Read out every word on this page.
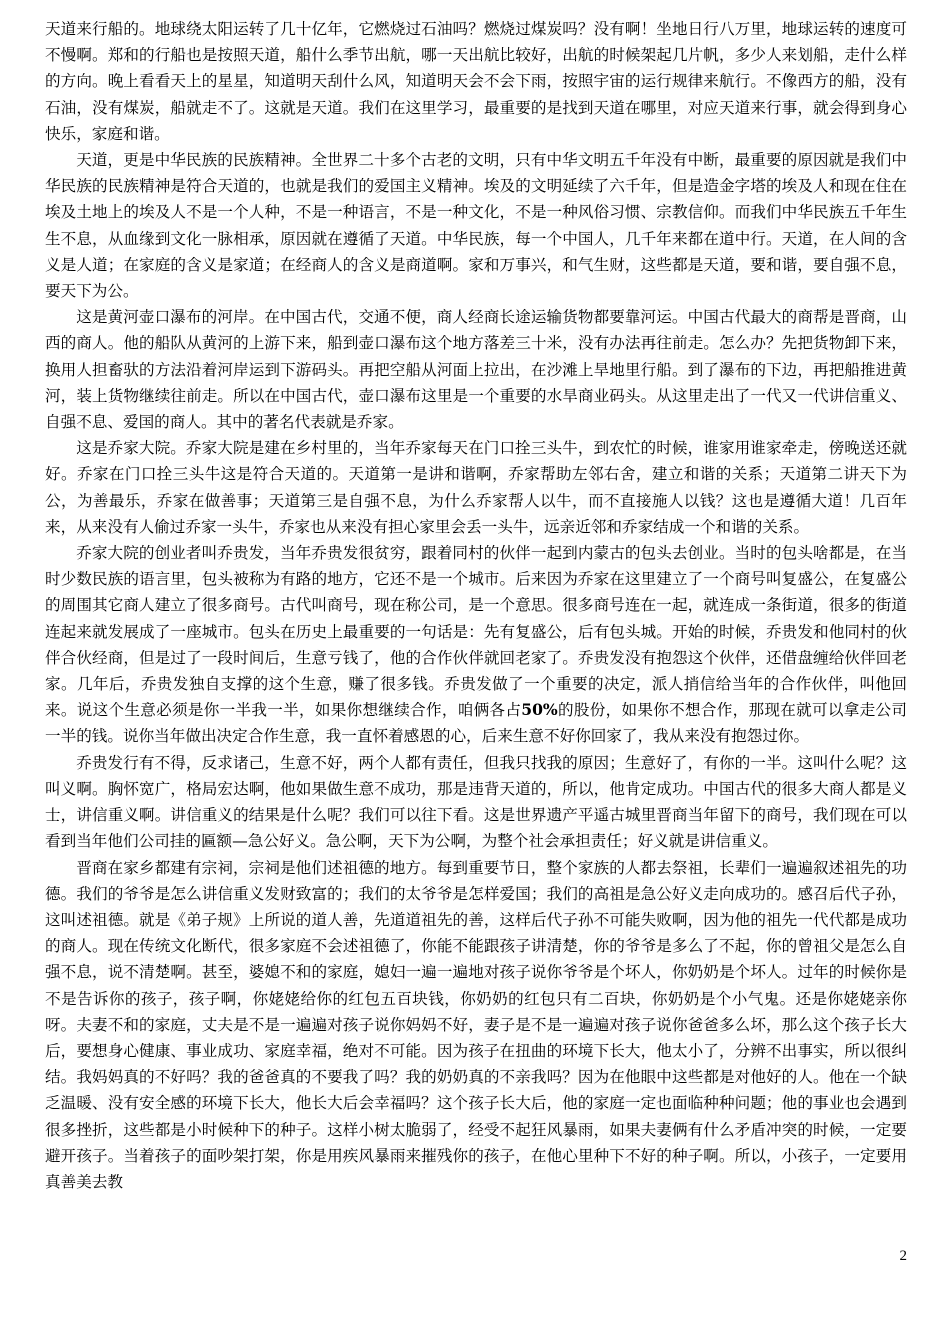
天道来行船的。地球绕太阳运转了几十亿年，它燃烧过石油吗？燃烧过煤炭吗？没有啊！坐地日行八万里，地球运转的速度可不慢啊。郑和的行船也是按照天道，船什么季节出航，哪一天出航比较好，出航的时候架起几片帆，多少人来划船，走什么样的方向。晚上看看天上的星星，知道明天刮什么风，知道明天会不会下雨，按照宇宙的运行规律来航行。不像西方的船，没有石油，没有煤炭，船就走不了。这就是天道。我们在这里学习，最重要的是找到天道在哪里，对应天道来行事，就会得到身心快乐，家庭和谐。

天道，更是中华民族的民族精神。全世界二十多个古老的文明，只有中华文明五千年没有中断，最重要的原因就是我们中华民族的民族精神是符合天道的，也就是我们的爱国主义精神。埃及的文明延续了六千年，但是造金字塔的埃及人和现在住在埃及土地上的埃及人不是一个人种，不是一种语言，不是一种文化，不是一种风俗习惯、宗教信仰。而我们中华民族五千年生生不息，从血缘到文化一脉相承，原因就在遵循了天道。中华民族，每一个中国人，几千年来都在道中行。天道，在人间的含义是人道；在家庭的含义是家道；在经商人的含义是商道啊。家和万事兴，和气生财，这些都是天道，要和谐，要自强不息，要天下为公。

这是黄河壶口瀑布的河岸。在中国古代，交通不便，商人经商长途运输货物都要靠河运。中国古代最大的商帮是晋商，山西的商人。他的船队从黄河的上游下来，船到壶口瀑布这个地方落差三十米，没有办法再往前走。怎么办？先把货物卸下来，换用人担畜驮的方法沿着河岸运到下游码头。再把空船从河面上拉出，在沙滩上旱地里行船。到了瀑布的下边，再把船推进黄河，装上货物继续往前走。所以在中国古代，壶口瀑布这里是一个重要的水旱商业码头。从这里走出了一代又一代讲信重义、自强不息、爱国的商人。其中的著名代表就是乔家。

这是乔家大院。乔家大院是建在乡村里的，当年乔家每天在门口拴三头牛，到农忙的时候，谁家用谁家牵走，傍晚送还就好。乔家在门口拴三头牛这是符合天道的。天道第一是讲和谐啊，乔家帮助左邻右舍，建立和谐的关系；天道第二讲天下为公，为善最乐，乔家在做善事；天道第三是自强不息，为什么乔家帮人以牛，而不直接施人以钱？这也是遵循大道！几百年来，从来没有人偷过乔家一头牛，乔家也从来没有担心家里会丢一头牛，远亲近邻和乔家结成一个和谐的关系。

乔家大院的创业者叫乔贵发，当年乔贵发很贫穷，跟着同村的伙伴一起到内蒙古的包头去创业。当时的包头啥都是，在当时少数民族的语言里，包头被称为有路的地方，它还不是一个城市。后来因为乔家在这里建立了一个商号叫复盛公，在复盛公的周围其它商人建立了很多商号。古代叫商号，现在称公司，是一个意思。很多商号连在一起，就连成一条街道，很多的街道连起来就发展成了一座城市。包头在历史上最重要的一句话是：先有复盛公，后有包头城。开始的时候，乔贵发和他同村的伙伴合伙经商，但是过了一段时间后，生意亏钱了，他的合作伙伴就回老家了。乔贵发没有抱怨这个伙伴，还借盘缠给伙伴回老家。几年后，乔贵发独自支撑的这个生意，赚了很多钱。乔贵发做了一个重要的决定，派人捎信给当年的合作伙伴，叫他回来。说这个生意必须是你一半我一半，如果你想继续合作，咱俩各占50%的股份，如果你不想合作，那现在就可以拿走公司一半的钱。说你当年做出决定合作生意，我一直怀着感恩的心，后来生意不好你回家了，我从来没有抱怨过你。

乔贵发行有不得，反求诸己，生意不好，两个人都有责任，但我只找我的原因；生意好了，有你的一半。这叫什么呢？这叫义啊。胸怀宽广，格局宏达啊，他如果做生意不成功，那是违背天道的，所以，他肯定成功。中国古代的很多大商人都是义士，讲信重义啊。讲信重义的结果是什么呢？我们可以往下看。这是世界遗产平遥古城里晋商当年留下的商号，我们现在可以看到当年他们公司挂的匾额—急公好义。急公啊，天下为公啊，为整个社会承担责任；好义就是讲信重义。

晋商在家乡都建有宗祠，宗祠是他们述祖德的地方。每到重要节日，整个家族的人都去祭祖，长辈们一遍遍叙述祖先的功德。我们的爷爷是怎么讲信重义发财致富的；我们的太爷爷是怎样爱国；我们的高祖是急公好义走向成功的。感召后代子孙，这叫述祖德。就是《弟子规》上所说的道人善，先道道祖先的善，这样后代子孙不可能失败啊，因为他的祖先一代代都是成功的商人。现在传统文化断代，很多家庭不会述祖德了，你能不能跟孩子讲清楚，你的爷爷是多么了不起，你的曾祖父是怎么自强不息，说不清楚啊。甚至，婆媳不和的家庭，媳妇一遍一遍地对孩子说你爷爷是个坏人，你奶奶是个坏人。过年的时候你是不是告诉你的孩子，孩子啊，你姥姥给你的红包五百块钱，你奶奶的红包只有二百块，你奶奶是个小气鬼。还是你姥姥亲你呀。夫妻不和的家庭，丈夫是不是一遍遍对孩子说你妈妈不好，妻子是不是一遍遍对孩子说你爸爸多么坏，那么这个孩子长大后，要想身心健康、事业成功、家庭幸福，绝对不可能。因为孩子在扭曲的环境下长大，他太小了，分辨不出事实，所以很纠结。我妈妈真的不好吗？我的爸爸真的不要我了吗？我的奶奶真的不亲我吗？因为在他眼中这些都是对他好的人。他在一个缺乏温暖、没有安全感的环境下长大，他长大后会幸福吗？这个孩子长大后，他的家庭一定也面临种种问题；他的事业也会遇到很多挫折，这些都是小时候种下的种子。这样小树太脆弱了，经受不起狂风暴雨，如果夫妻俩有什么矛盾冲突的时候，一定要避开孩子。当着孩子的面吵架打架，你是用疾风暴雨来摧残你的孩子，在他心里种下不好的种子啊。所以，小孩子，一定要用真善美去教

2
